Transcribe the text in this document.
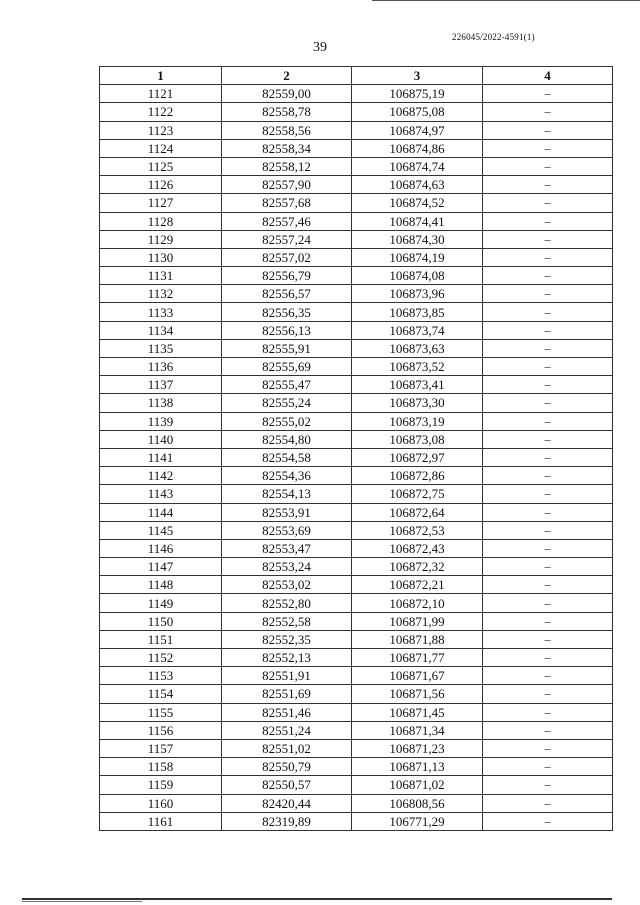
226045/2022-4591(1)
39
1	2	3	4
1121	82559,00	106875,19	–
1122	82558,78	106875,08	–
1123	82558,56	106874,97	–
1124	82558,34	106874,86	–
1125	82558,12	106874,74	–
1126	82557,90	106874,63	–
1127	82557,68	106874,52	–
1128	82557,46	106874,41	–
1129	82557,24	106874,30	–
1130	82557,02	106874,19	–
1131	82556,79	106874,08	–
1132	82556,57	106873,96	–
1133	82556,35	106873,85	–
1134	82556,13	106873,74	–
1135	82555,91	106873,63	–
1136	82555,69	106873,52	–
1137	82555,47	106873,41	–
1138	82555,24	106873,30	–
1139	82555,02	106873,19	–
1140	82554,80	106873,08	–
1141	82554,58	106872,97	–
1142	82554,36	106872,86	–
1143	82554,13	106872,75	–
1144	82553,91	106872,64	–
1145	82553,69	106872,53	–
1146	82553,47	106872,43	–
1147	82553,24	106872,32	–
1148	82553,02	106872,21	–
1149	82552,80	106872,10	–
1150	82552,58	106871,99	–
1151	82552,35	106871,88	–
1152	82552,13	106871,77	–
1153	82551,91	106871,67	–
1154	82551,69	106871,56	–
1155	82551,46	106871,45	–
1156	82551,24	106871,34	–
1157	82551,02	106871,23	–
1158	82550,79	106871,13	–
1159	82550,57	106871,02	–
1160	82420,44	106808,56	–
1161	82319,89	106771,29	–
